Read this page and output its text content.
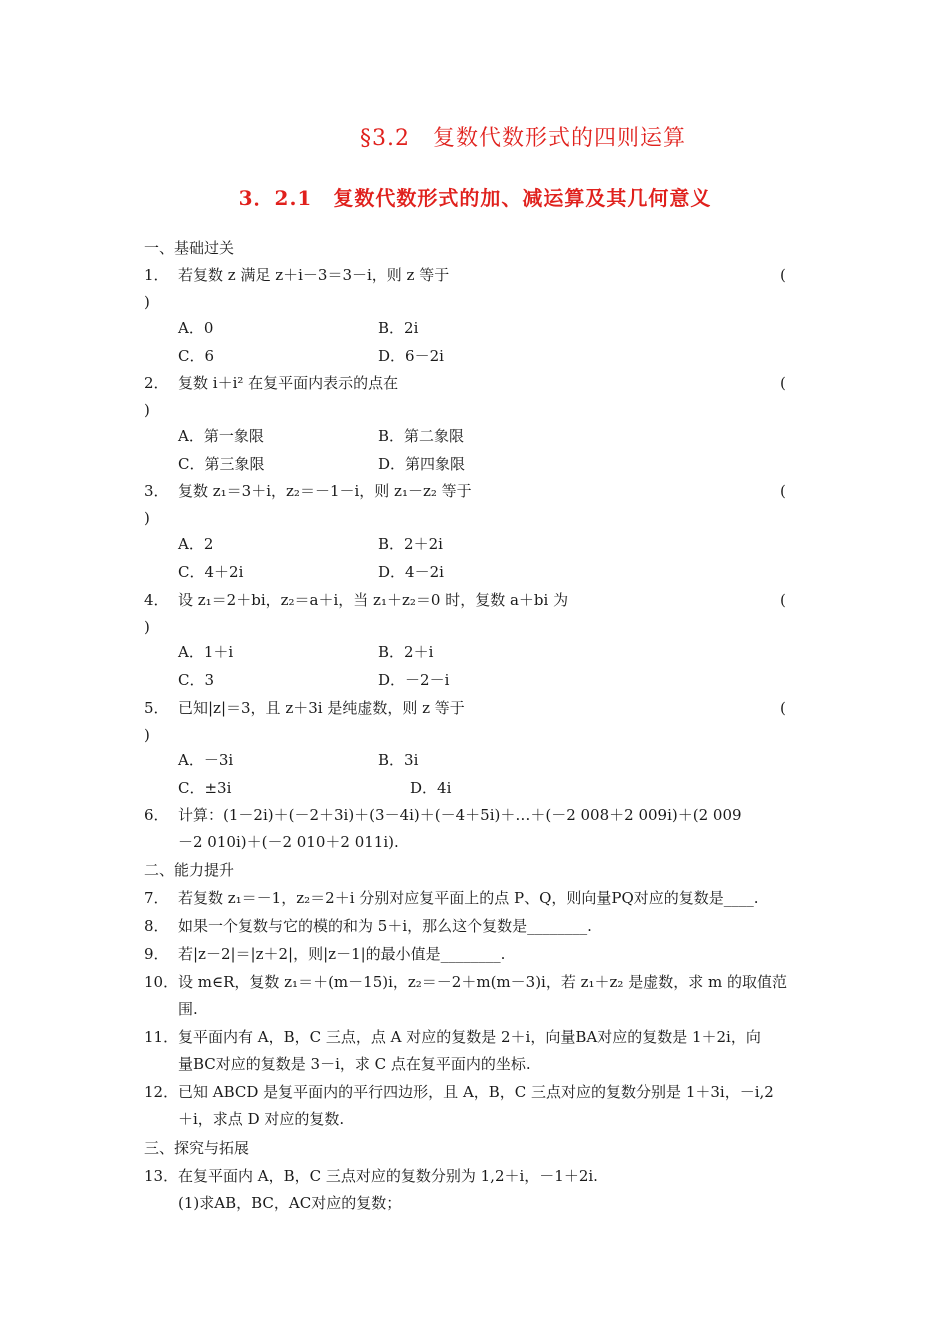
§3.2　复数代数形式的四则运算
3．2.1　复数代数形式的加、减运算及其几何意义
一、基础过关
1． 若复数 z 满足 z＋i－3＝3－i，则 z 等于	(
)
A．0	B．2i
C．6	D．6－2i
2． 复数 i＋i² 在复平面内表示的点在	(
)
A．第一象限	B．第二象限
C．第三象限	D．第四象限
3． 复数 z₁＝3＋i，z₂＝－1－i，则 z₁－z₂ 等于	(
)
A．2	B．2＋2i
C．4＋2i	D．4－2i
4． 设 z₁＝2＋bi，z₂＝a＋i，当 z₁＋z₂＝0 时，复数 a＋bi 为	(
)
A．1＋i	B．2＋i
C．3	D．－2－i
5． 已知|z|＝3，且 z＋3i 是纯虚数，则 z 等于	(
)
A．－3i	B．3i
C．±3i	D．4i
6． 计算：(1－2i)＋(－2＋3i)＋(3－4i)＋(－4＋5i)＋…＋(－2 008＋2 009i)＋(2 009
－2 010i)＋(－2 010＋2 011i).
二、能力提升
7． 若复数 z₁＝－1，z₂＝2＋i 分别对应复平面上的点 P、Q，则向量PQ对应的复数是____.
8． 如果一个复数与它的模的和为 5＋i，那么这个复数是________.
9． 若|z－2|＝|z＋2|，则|z－1|的最小值是________.
10． 设 m∈R，复数 z₁＝＋(m－15)i，z₂＝－2＋m(m－3)i，若 z₁＋z₂ 是虚数，求 m 的取值范
围.
11． 复平面内有 A，B，C 三点，点 A 对应的复数是 2＋i，向量BA对应的复数是 1＋2i，向
量BC对应的复数是 3－i，求 C 点在复平面内的坐标.
12． 已知 ABCD 是复平面内的平行四边形，且 A，B，C 三点对应的复数分别是 1＋3i，－i,2
＋i，求点 D 对应的复数.
三、探究与拓展
13． 在复平面内 A，B，C 三点对应的复数分别为 1,2＋i，－1＋2i.
(1)求AB，BC，AC对应的复数；
